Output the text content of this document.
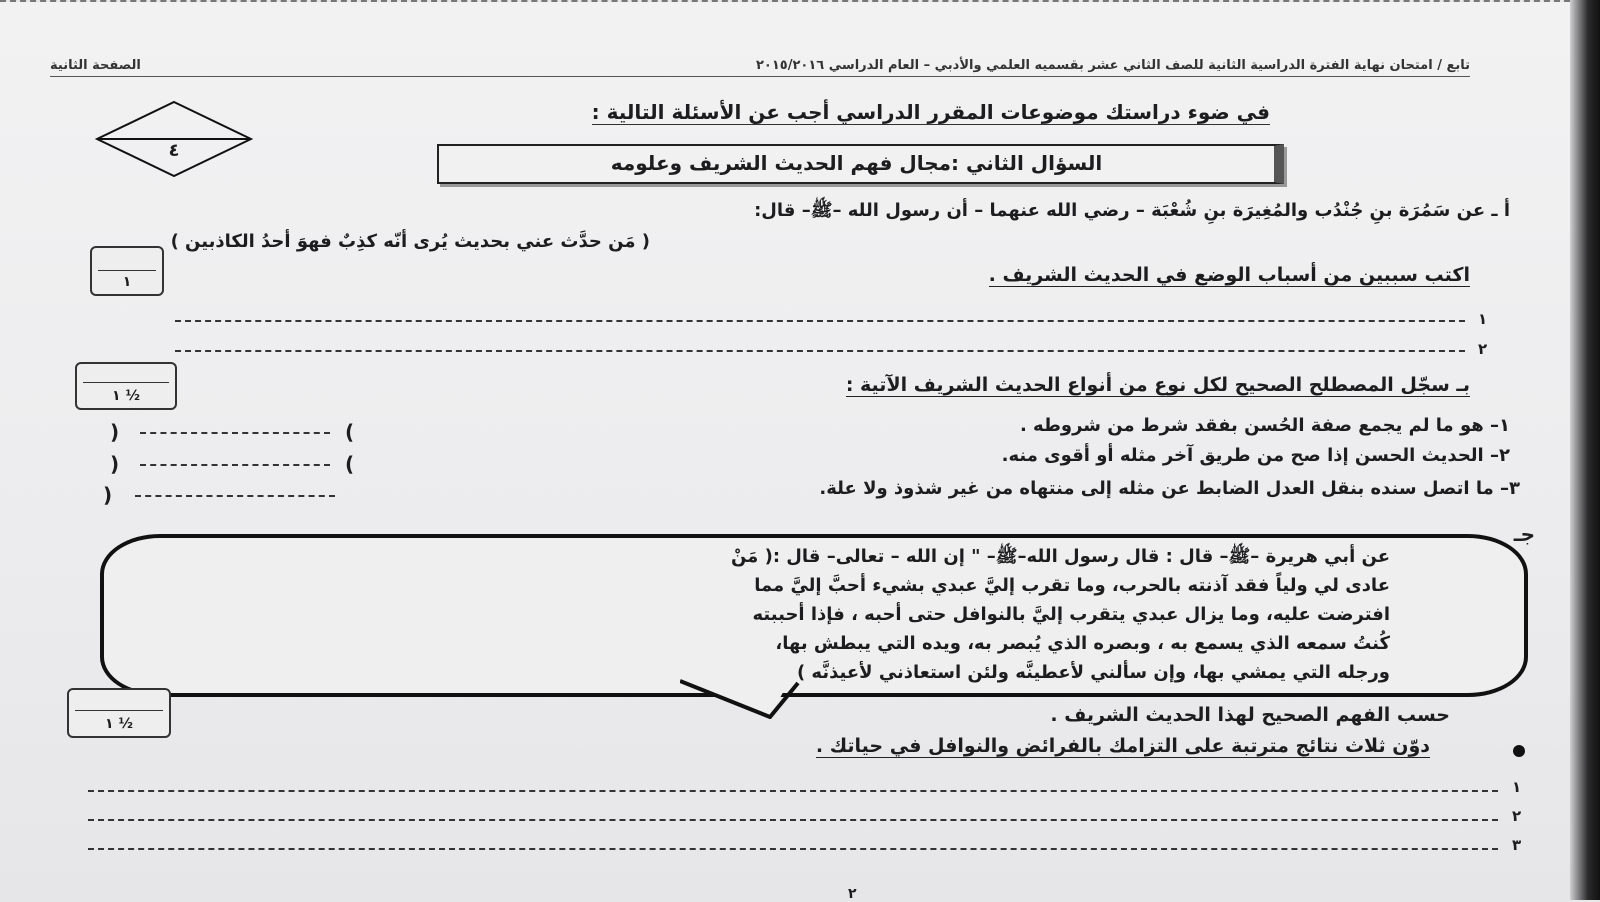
تابع / امتحان نهاية الفترة الدراسية الثانية للصف الثاني عشر بقسميه العلمي والأدبي – العام الدراسي ٢٠١٥/٢٠١٦
الصفحة الثانية
في ضوء دراستك موضوعات المقرر الدراسي أجب عن الأسئلة التالية :
٤
السؤال الثاني :مجال فهم الحديث الشريف وعلومه
أ ـ عن سَمُرَة بنِ جُنْدُب والمُغِيرَة بنِ شُعْبَة – رضي الله عنهما – أن رسول الله –ﷺ– قال:
( مَن حدَّث عني بحديث يُرى أنّه كذِبٌ فهوَ أحدُ الكاذبين )
١	اكتب سببين من أسباب الوضع في الحديث الشريف .
١
٢
١ ½	بـ سجّل المصطلح الصحيح لكل نوع من أنواع الحديث الشريف الآتية :
١– هو ما لم يجمع صفة الحُسن بفقد شرط من شروطه .
٢– الحديث الحسن إذا صح من طريق آخر مثله أو أقوى منه.
٣– ما اتصل سنده بنقل العدل الضابط عن مثله إلى منتهاه من غير شذوذ ولا علة.
(
)
(
)
)
جـ
عن أبي هريرة –ﷺ– قال : قال رسول الله–ﷺ– " إن الله – تعالى– قال :( مَنْ
عادى لي ولياً فقد آذنته بالحرب، وما تقرب إليَّ عبدي بشيء أحبَّ إليَّ مما
افترضت عليه، وما يزال عبدي يتقرب إليَّ بالنوافل حتى أحبه ، فإذا أحببته
كُنتُ سمعه الذي يسمع به ، وبصره الذي يُبصر به، ويده التي يبطش بها،
ورجله التي يمشي بها، وإن سألني لأعطينَّه ولئن استعاذني لأعيذنَّه )
١ ½	حسب الفهم الصحيح لهذا الحديث الشريف .
دوّن ثلاث نتائج مترتبة على التزامك بالفرائض والنوافل في حياتك .
١
٢
٣
٢
